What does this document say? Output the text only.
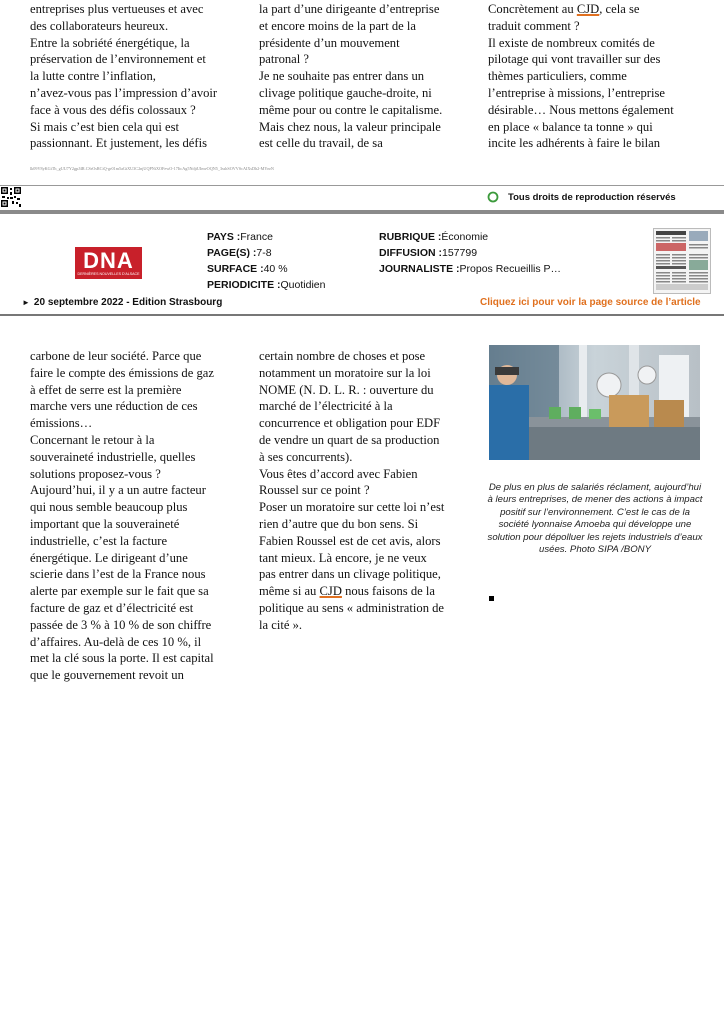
entreprises plus vertueuses et avec
des collaborateurs heureux.
Entre la sobriété énergétique, la
préservation de l’environnement et
la lutte contre l’inflation,
n’avez-vous pas l’impression d’avoir
face à vous des défis colossaux ?
Si mais c’est bien cela qui est
passionnant. Et justement, les défis

la part d’une dirigeante d’entreprise
et encore moins de la part de la
présidente d’un mouvement
patronal ?
Je ne souhaite pas entrer dans un
clivage politique gauche-droite, ni
même pour ou contre le capitalisme.
Mais chez nous, la valeur principale
est celle du travail, de sa

Concrètement au CJD, cela se
traduit comment ?
Il existe de nombreux comités de
pilotage qui vont travailler sur des
thèmes particuliers, comme
l’entreprise à missions, l’entreprise
désirable… Nous mettons également
en place « balance ta tonne » qui
incite les adhérents à faire le bilan

lk09V8yKGiTh_gUU7Y2gpJ4R.CSrOsRCiQ-gr01m5aGtXU3C2njUQPNiXOFewO-17ItcAg5NdjiUImvOQN5_3sshSOVVScAIXsDh2-MYnrN
Tous droits de reproduction réservés
DNA
DERNIÈRES NOUVELLES D'ALSACE
PAYS :France
PAGE(S) :7-8
SURFACE :40 %
PERIODICITE :Quotidien
RUBRIQUE :Économie
DIFFUSION :157799
JOURNALISTE :Propos Recueillis P…
► 20 septembre 2022 - Edition Strasbourg	Cliquez ici pour voir la page source de l’article

carbone de leur société. Parce que
faire le compte des émissions de gaz
à effet de serre est la première
marche vers une réduction de ces
émissions…
Concernant le retour à la
souveraineté industrielle, quelles
solutions proposez-vous ?
Aujourd’hui, il y a un autre facteur
qui nous semble beaucoup plus
important que la souveraineté
industrielle, c’est la facture
énergétique. Le dirigeant d’une
scierie dans l’est de la France nous
alerte par exemple sur le fait que sa
facture de gaz et d’électricité est
passée de 3 % à 10 % de son chiffre
d’affaires. Au-delà de ces 10 %, il
met la clé sous la porte. Il est capital
que le gouvernement revoit un

certain nombre de choses et pose
notamment un moratoire sur la loi
NOME (N. D. L. R. : ouverture du
marché de l’électricité à la
concurrence et obligation pour EDF
de vendre un quart de sa production
à ses concurrents).
Vous êtes d’accord avec Fabien
Roussel sur ce point ?
Poser un moratoire sur cette loi n’est
rien d’autre que du bon sens. Si
Fabien Roussel est de cet avis, alors
tant mieux. Là encore, je ne veux
pas entrer dans un clivage politique,
même si au CJD nous faisons de la
politique au sens « administration de
la cité ».

De plus en plus de salariés réclament, aujourd’hui à leurs entreprises, de mener des actions à impact positif sur l’environnement. C’est le cas de la société lyonnaise Amoeba qui développe une solution pour dépolluer les rejets industriels d’eaux usées. Photo SIPA /BONY
